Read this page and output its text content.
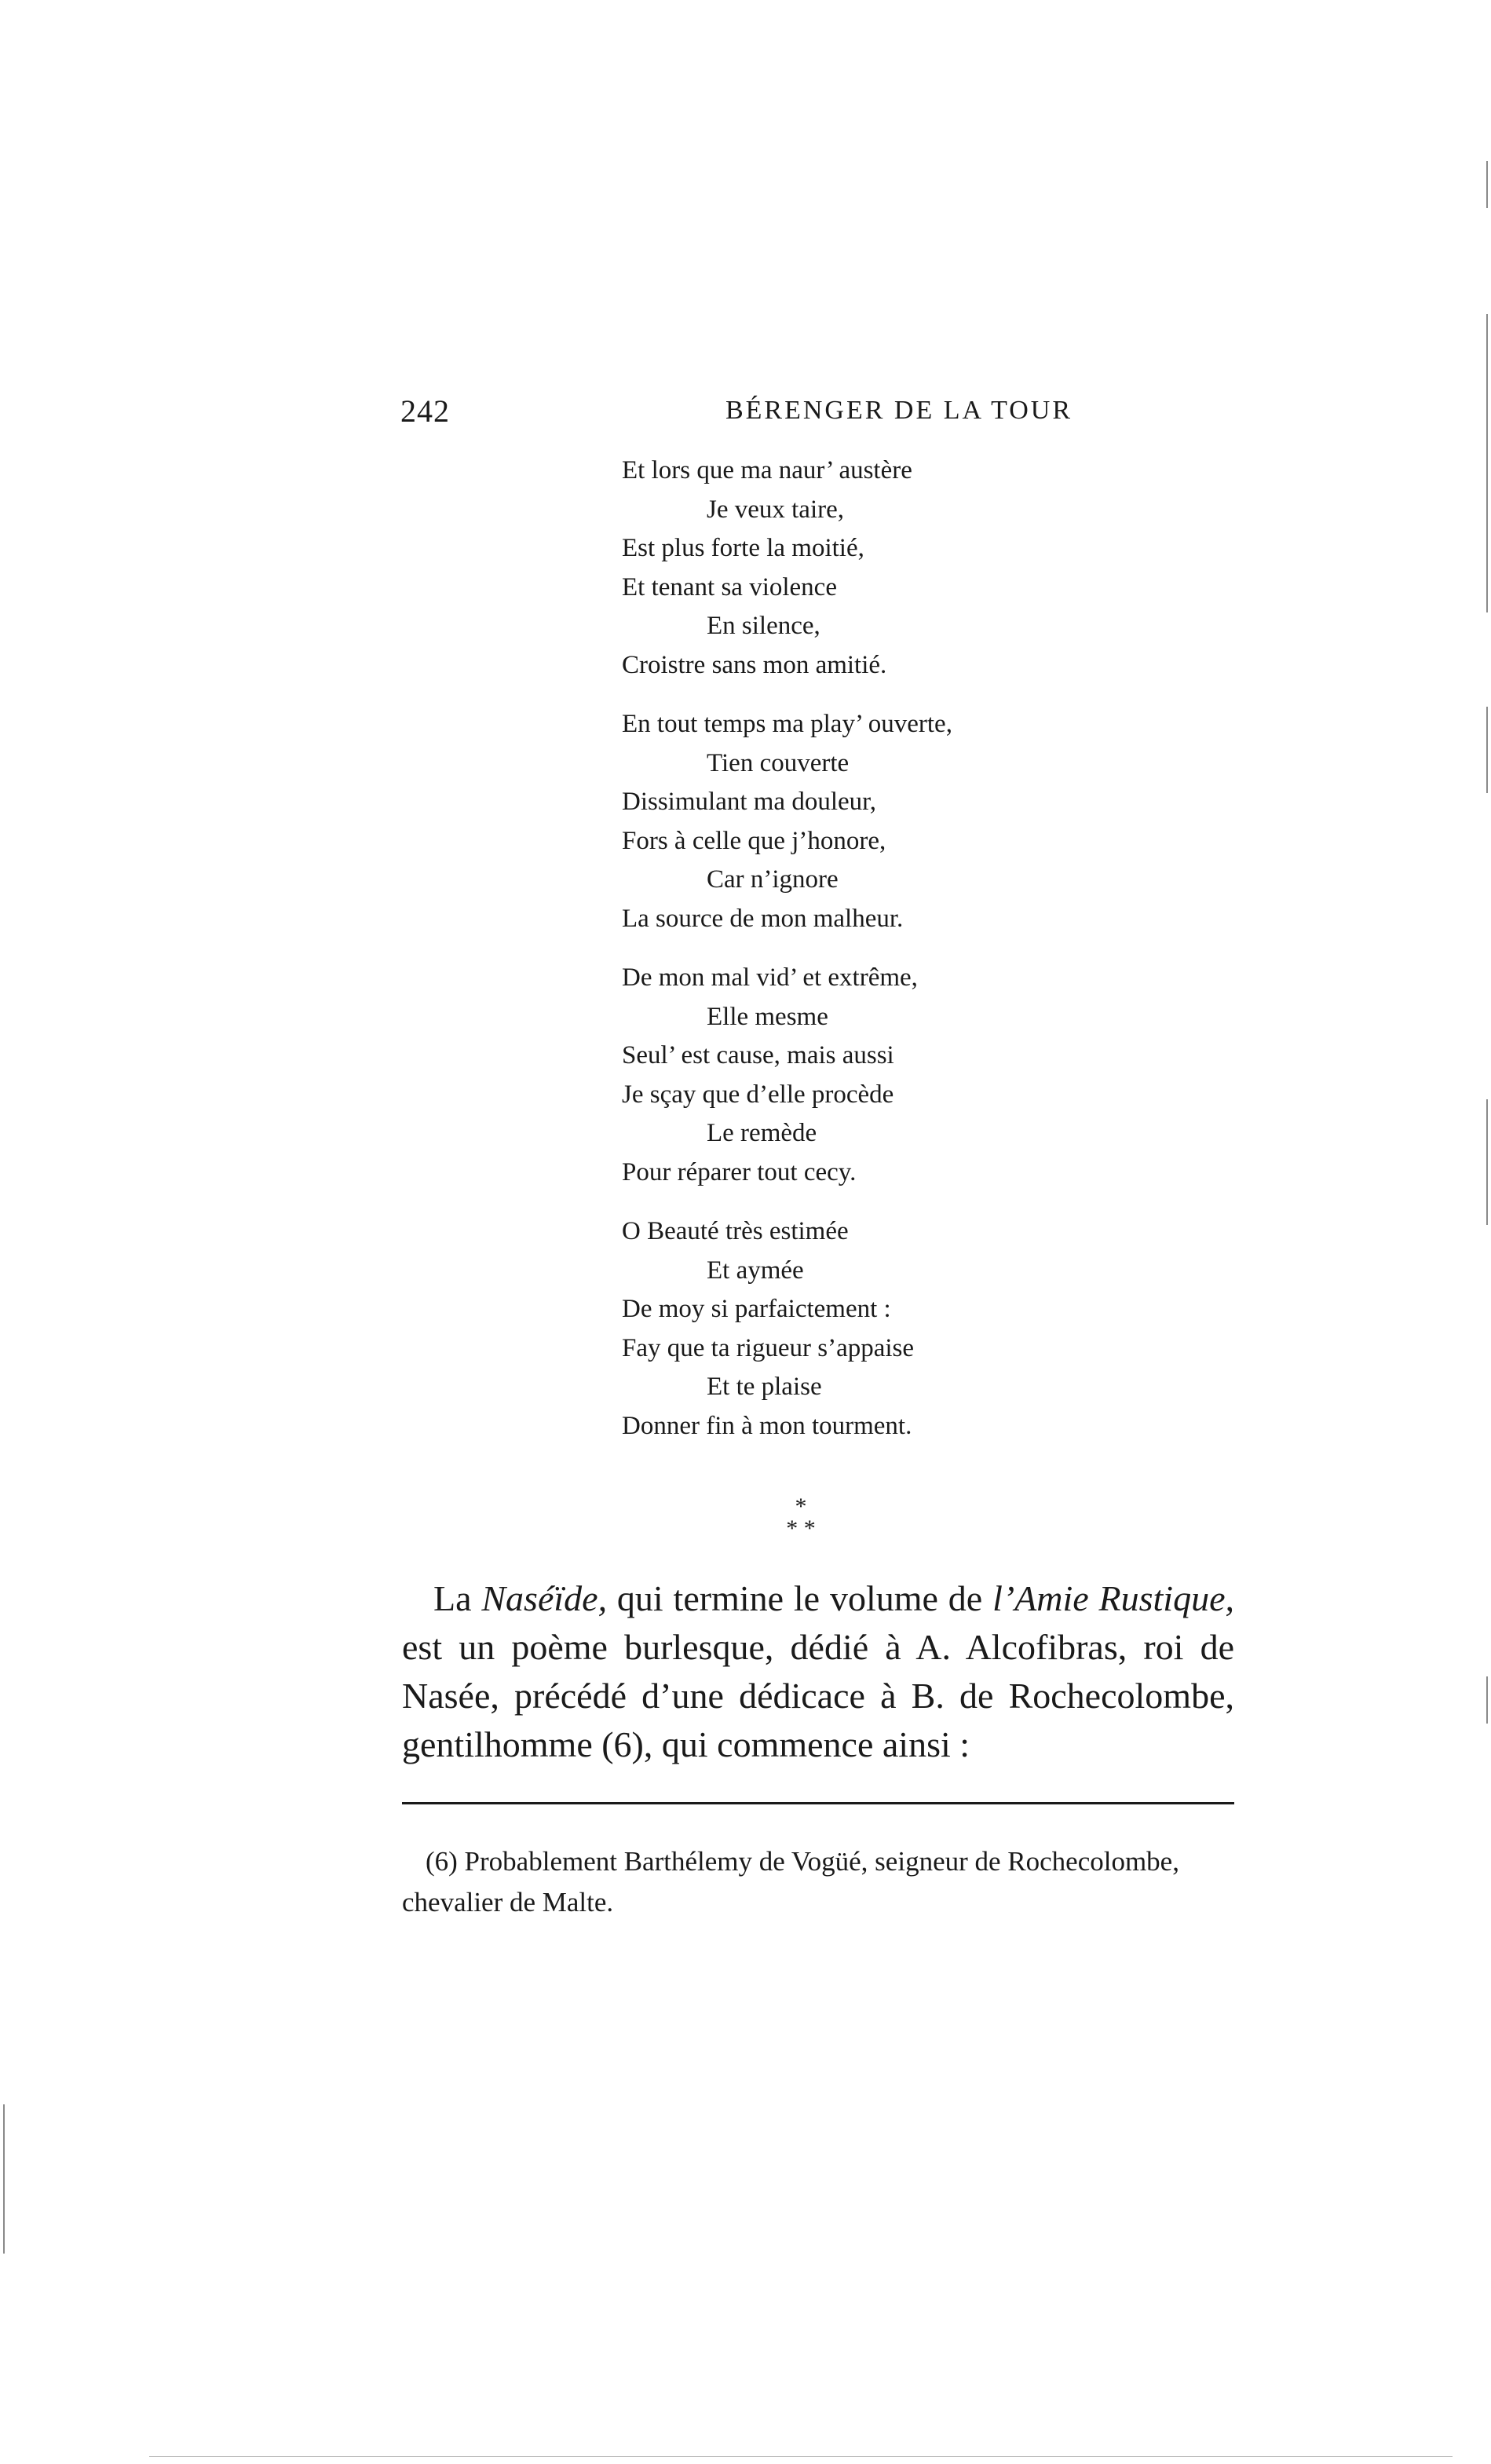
242	BÉRENGER DE LA TOUR
Et lors que ma naur’ austère
Je veux taire,
Est plus forte la moitié,
Et tenant sa violence
En silence,
Croistre sans mon amitié.
En tout temps ma play’ ouverte,
Tien couverte
Dissimulant ma douleur,
Fors à celle que j’honore,
Car n’ignore
La source de mon malheur.
De mon mal vid’ et extrême,
Elle mesme
Seul’ est cause, mais aussi
Je sçay que d’elle procède
Le remède
Pour réparer tout cecy.
O Beauté très estimée
Et aymée
De moy si parfaictement :
Fay que ta rigueur s’appaise
Et te plaise
Donner fin à mon tourment.
*
* *

La Naséïde, qui termine le volume de l’Amie Rustique, est un poème burlesque, dédié à A. Alcofibras, roi de Nasée, précédé d’une dédicace à B. de Rochecolombe, gentilhomme (6), qui commence ainsi :

(6) Probablement Barthélemy de Vogüé, seigneur de Rochecolombe, chevalier de Malte.
